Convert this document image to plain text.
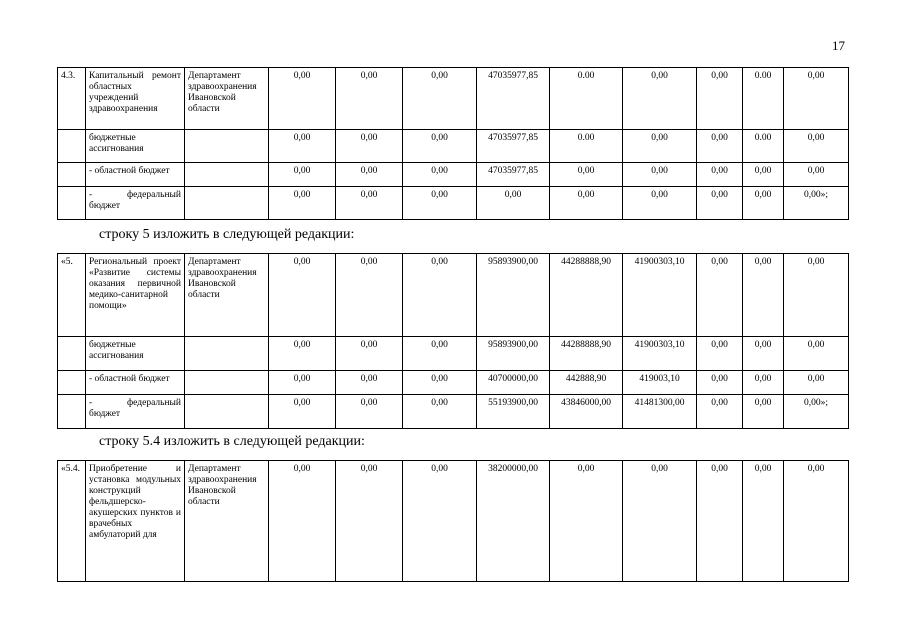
17
4.3.	Капитальный ремонт областных учреждений здравоохранения	Департамент здравоохранения Ивановской области	0,00	0,00	0,00	47035977,85	0.00	0,00	0,00	0.00	0,00
	бюджетные ассигнования		0,00	0,00	0,00	47035977,85	0.00	0,00	0,00	0.00	0,00
	- областной бюджет		0,00	0,00	0,00	47035977,85	0,00	0,00	0,00	0,00	0,00
	- федеральный бюджет		0,00	0,00	0,00	0,00	0,00	0,00	0,00	0,00	0,00»;
строку 5 изложить в следующей редакции:
«5.	Региональный проект «Развитие системы оказания первичной медико-санитарной помощи»	Департамент здравоохранения Ивановской области	0,00	0,00	0,00	95893900,00	44288888,90	41900303,10	0,00	0,00	0,00
	бюджетные ассигнования		0,00	0,00	0,00	95893900,00	44288888,90	41900303,10	0,00	0,00	0,00
	- областной бюджет		0,00	0,00	0,00	40700000,00	442888,90	419003,10	0,00	0,00	0,00
	- федеральный бюджет		0,00	0,00	0,00	55193900,00	43846000,00	41481300,00	0,00	0,00	0,00»;
строку 5.4 изложить в следующей редакции:
«5.4.	Приобретение и установка модульных конструкций фельдшерско-акушерских пунктов и врачебных амбулаторий для	Департамент здравоохранения Ивановской области	0,00	0,00	0,00	38200000,00	0,00	0,00	0,00	0,00	0,00
